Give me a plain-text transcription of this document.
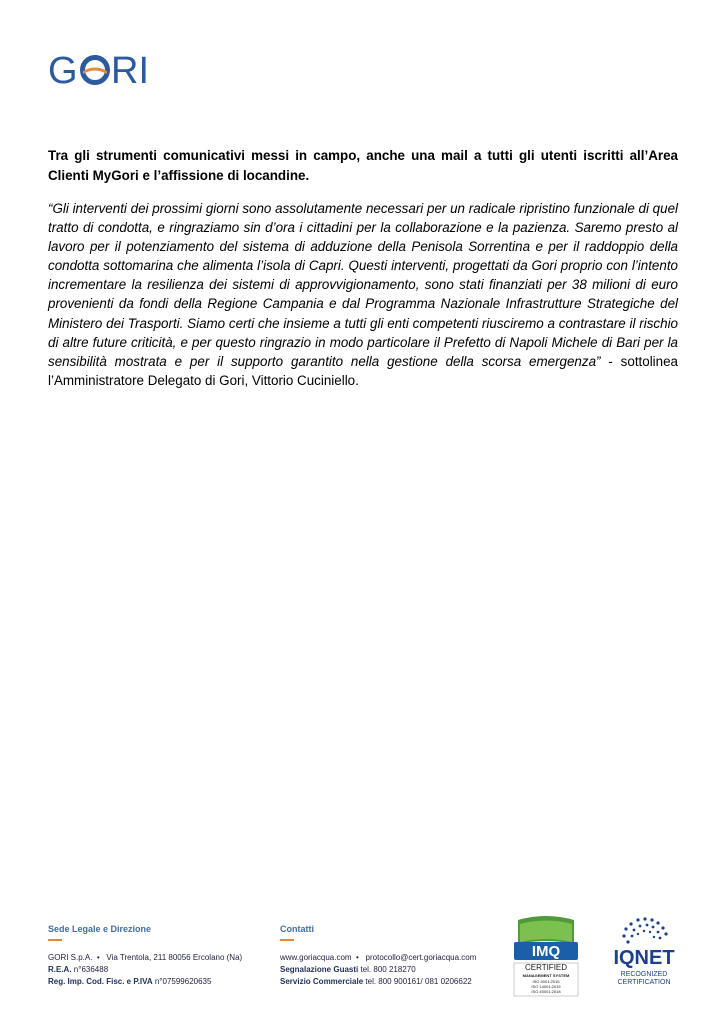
G RI

Tra gli strumenti comunicativi messi in campo, anche una mail a tutti gli utenti iscritti all’Area Clienti MyGori e l’affissione di locandine.

“Gli interventi dei prossimi giorni sono assolutamente necessari per un radicale ripristino funzionale di quel tratto di condotta, e ringraziamo sin d’ora i cittadini per la collaborazione e la pazienza. Saremo presto al lavoro per il potenziamento del sistema di adduzione della Penisola Sorrentina e per il raddoppio della condotta sottomarina che alimenta l’isola di Capri. Questi interventi, progettati da Gori proprio con l’intento incrementare la resilienza dei sistemi di approvvigionamento, sono stati finanziati per 38 milioni di euro provenienti da fondi della Regione Campania e dal Programma Nazionale Infrastrutture Strategiche del Ministero dei Trasporti. Siamo certi che insieme a tutti gli enti competenti riusciremo a contrastare il rischio di altre future criticità, e per questo ringrazio in modo particolare il Prefetto di Napoli Michele di Bari per la sensibilità mostrata e per il supporto garantito nella gestione della scorsa emergenza” - sottolinea l’Amministratore Delegato di Gori, Vittorio Cuciniello.

Sede Legale e Direzione
GORI S.p.A.  •   Via Trentola, 211 80056 Ercolano (Na)
R.E.A. n°636488
Reg. Imp. Cod. Fisc. e P.IVA n°07599620635
Contatti
www.goriacqua.com  •   protocollo@cert.goriacqua.com
Segnalazione Guasti tel. 800 218270
Servizio Commerciale tel. 800 900161/ 081 0206622
IMQ
CERTIFIED
MANAGEMENT SYSTEM
ISO 9001:2015
ISO 14001:2015
ISO 45001:2018
IQNET
RECOGNIZED
CERTIFICATION
